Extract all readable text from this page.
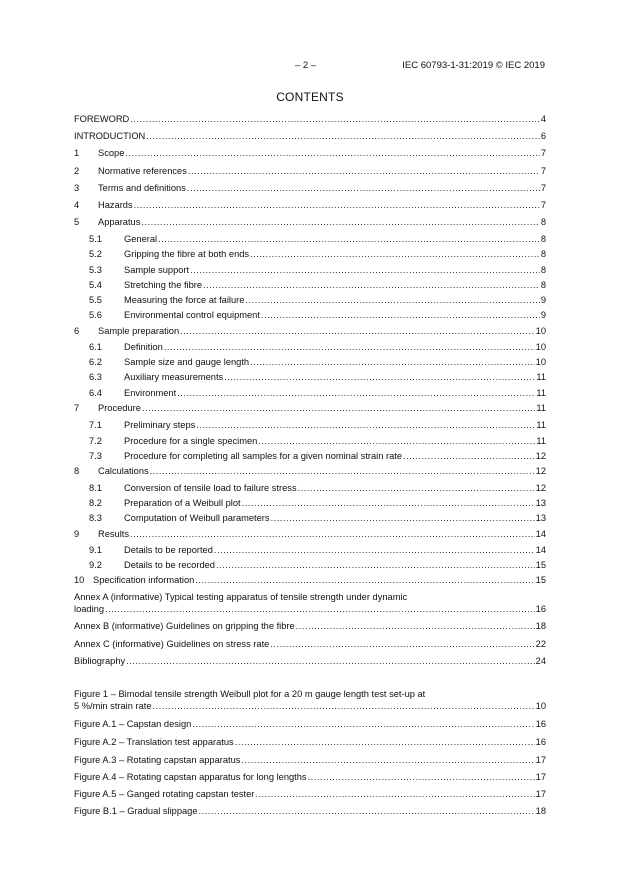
– 2 –	IEC 60793-1-31:2019 © IEC 2019
CONTENTS
FOREWORD .....	4
INTRODUCTION .....	6
1	Scope .....	7
2	Normative references .....	7
3	Terms and definitions .....	7
4	Hazards .....	7
5	Apparatus .....	8
5.1	General .....	8
5.2	Gripping the fibre at both ends .....	8
5.3	Sample support .....	8
5.4	Stretching the fibre .....	8
5.5	Measuring the force at failure .....	9
5.6	Environmental control equipment .....	9
6	Sample preparation .....	10
6.1	Definition .....	10
6.2	Sample size and gauge length .....	10
6.3	Auxiliary measurements .....	11
6.4	Environment .....	11
7	Procedure .....	11
7.1	Preliminary steps .....	11
7.2	Procedure for a single specimen .....	11
7.3	Procedure for completing all samples for a given nominal strain rate .....	12
8	Calculations .....	12
8.1	Conversion of tensile load to failure stress .....	12
8.2	Preparation of a Weibull plot .....	13
8.3	Computation of Weibull parameters .....	13
9	Results .....	14
9.1	Details to be reported .....	14
9.2	Details to be recorded .....	15
10 Specification information .....	15
Annex A (informative) Typical testing apparatus of tensile strength under dynamic
loading .....	16
Annex B (informative) Guidelines on gripping the fibre .....	18
Annex C (informative) Guidelines on stress rate .....	22
Bibliography .....	24
Figure 1 – Bimodal tensile strength Weibull plot for a 20 m gauge length test set-up at
5 %/min strain rate .....	10
Figure A.1 – Capstan design .....	16
Figure A.2 – Translation test apparatus .....	16
Figure A.3 – Rotating capstan apparatus .....	17
Figure A.4 – Rotating capstan apparatus for long lengths .....	17
Figure A.5 – Ganged rotating capstan tester .....	17
Figure B.1 – Gradual slippage .....	18
